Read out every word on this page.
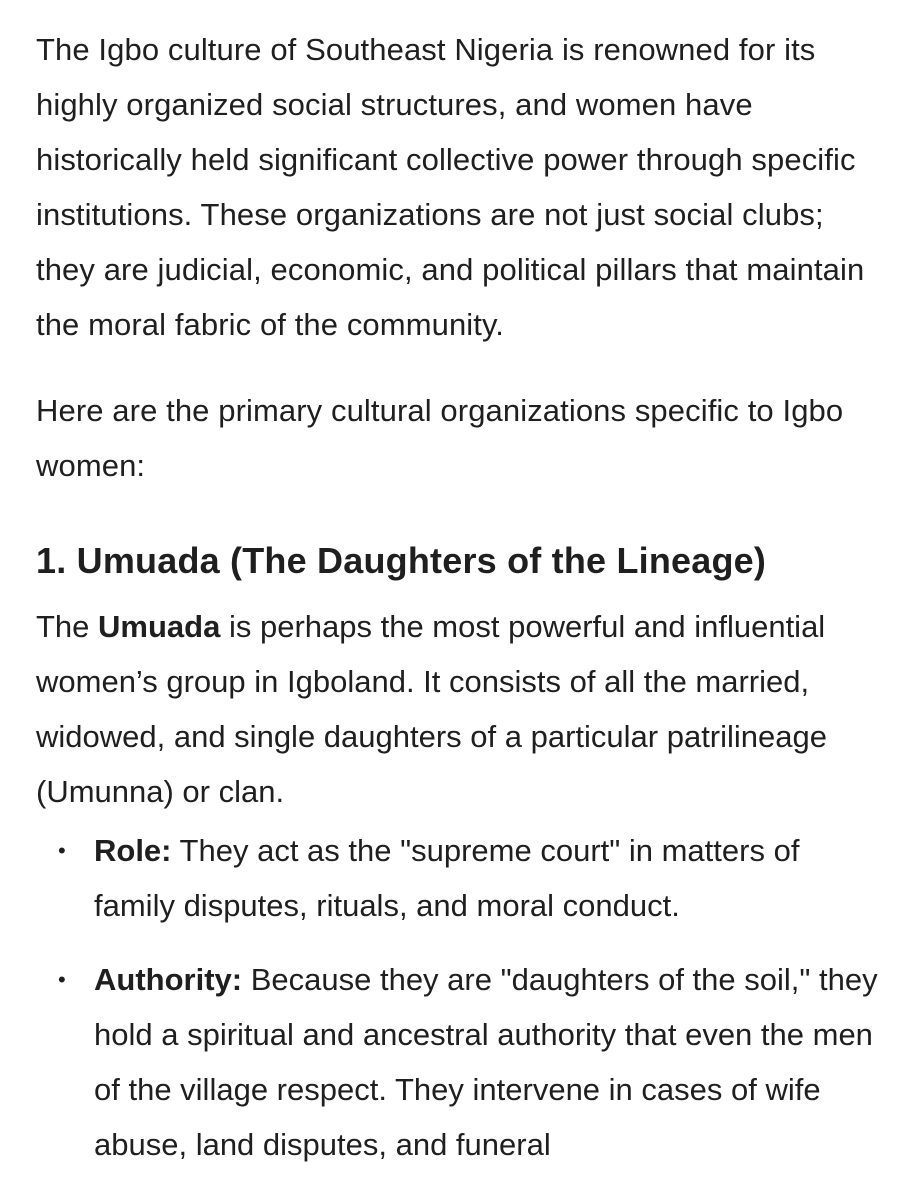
The Igbo culture of Southeast Nigeria is renowned for its highly organized social structures, and women have historically held significant collective power through specific institutions. These organizations are not just social clubs; they are judicial, economic, and political pillars that maintain the moral fabric of the community.

Here are the primary cultural organizations specific to Igbo women:

1. Umuada (The Daughters of the Lineage)

The Umuada is perhaps the most powerful and influential women’s group in Igboland. It consists of all the married, widowed, and single daughters of a particular patrilineage (Umunna) or clan.

• Role: They act as the "supreme court" in matters of family disputes, rituals, and moral conduct.
• Authority: Because they are "daughters of the soil," they hold a spiritual and ancestral authority that even the men of the village respect. They intervene in cases of wife abuse, land disputes, and funeral
